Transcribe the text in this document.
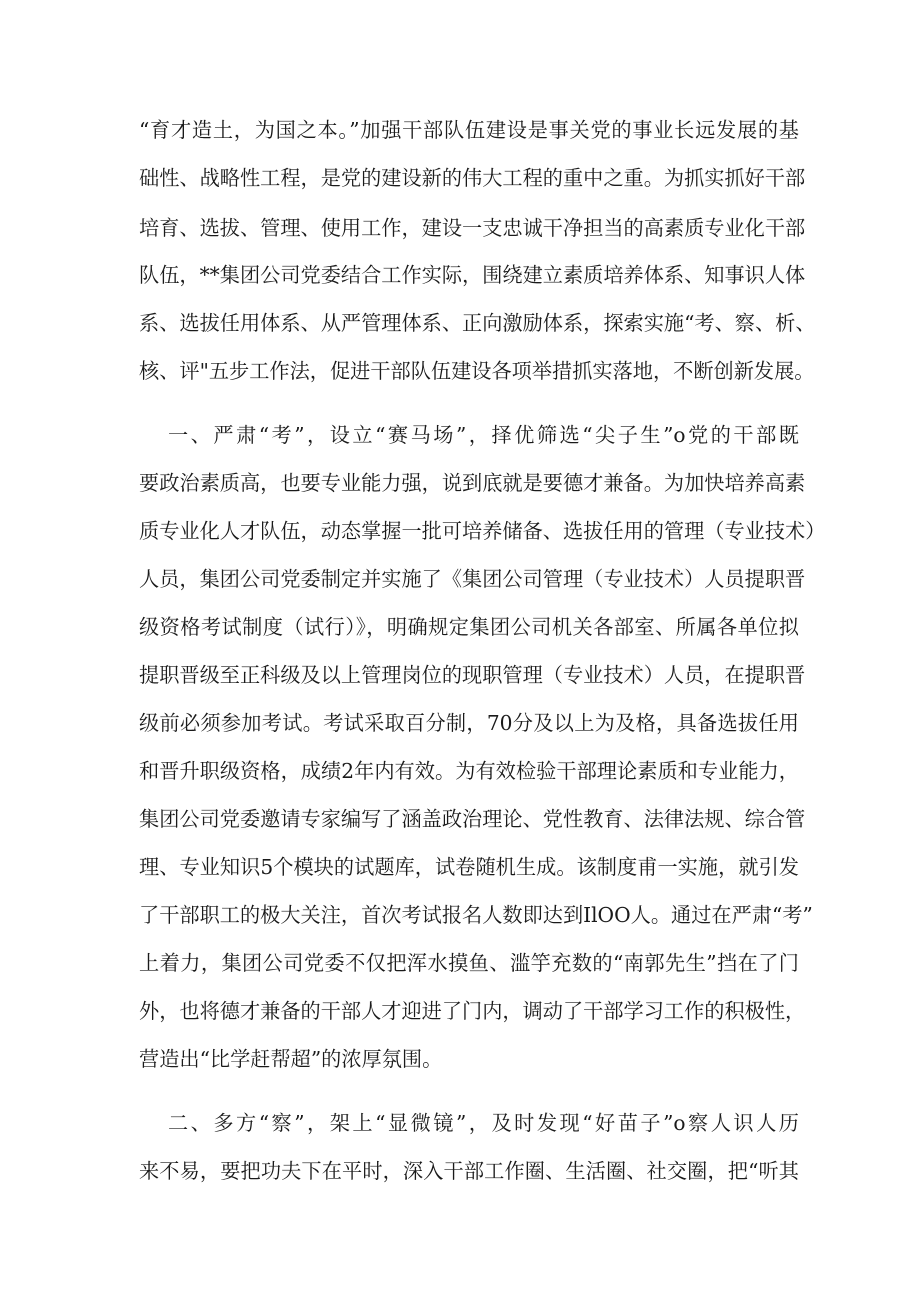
“育才造土，为国之本。”加强干部队伍建设是事关党的事业长远发展的基
础性、战略性工程，是党的建设新的伟大工程的重中之重。为抓实抓好干部
培育、选拔、管理、使用工作，建设一支忠诚干净担当的高素质专业化干部
队伍，**集团公司党委结合工作实际，围绕建立素质培养体系、知事识人体
系、选拔任用体系、从严管理体系、正向激励体系，探索实施“考、察、析、
核、评"五步工作法，促进干部队伍建设各项举措抓实落地，不断创新发展。
一、严肃“考”，设立“赛马场”，择优筛选“尖子生”o党的干部既
要政治素质高，也要专业能力强，说到底就是要德才兼备。为加快培养高素
质专业化人才队伍，动态掌握一批可培养储备、选拔任用的管理（专业技术）
人员，集团公司党委制定并实施了《集团公司管理（专业技术）人员提职晋
级资格考试制度（试行）》，明确规定集团公司机关各部室、所属各单位拟
提职晋级至正科级及以上管理岗位的现职管理（专业技术）人员，在提职晋
级前必须参加考试。考试采取百分制，70分及以上为及格，具备选拔任用
和晋升职级资格，成绩2年内有效。为有效检验干部理论素质和专业能力，
集团公司党委邀请专家编写了涵盖政治理论、党性教育、法律法规、综合管
理、专业知识5个模块的试题库，试卷随机生成。该制度甫一实施，就引发
了干部职工的极大关注，首次考试报名人数即达到IlOO人。通过在严肃“考”
上着力，集团公司党委不仅把浑水摸鱼、滥竽充数的“南郭先生”挡在了门
外，也将德才兼备的干部人才迎进了门内，调动了干部学习工作的积极性，
营造出“比学赶帮超”的浓厚氛围。
二、多方“察”，架上“显微镜”，及时发现“好苗子”o察人识人历
来不易，要把功夫下在平时，深入干部工作圈、生活圈、社交圈，把“听其
